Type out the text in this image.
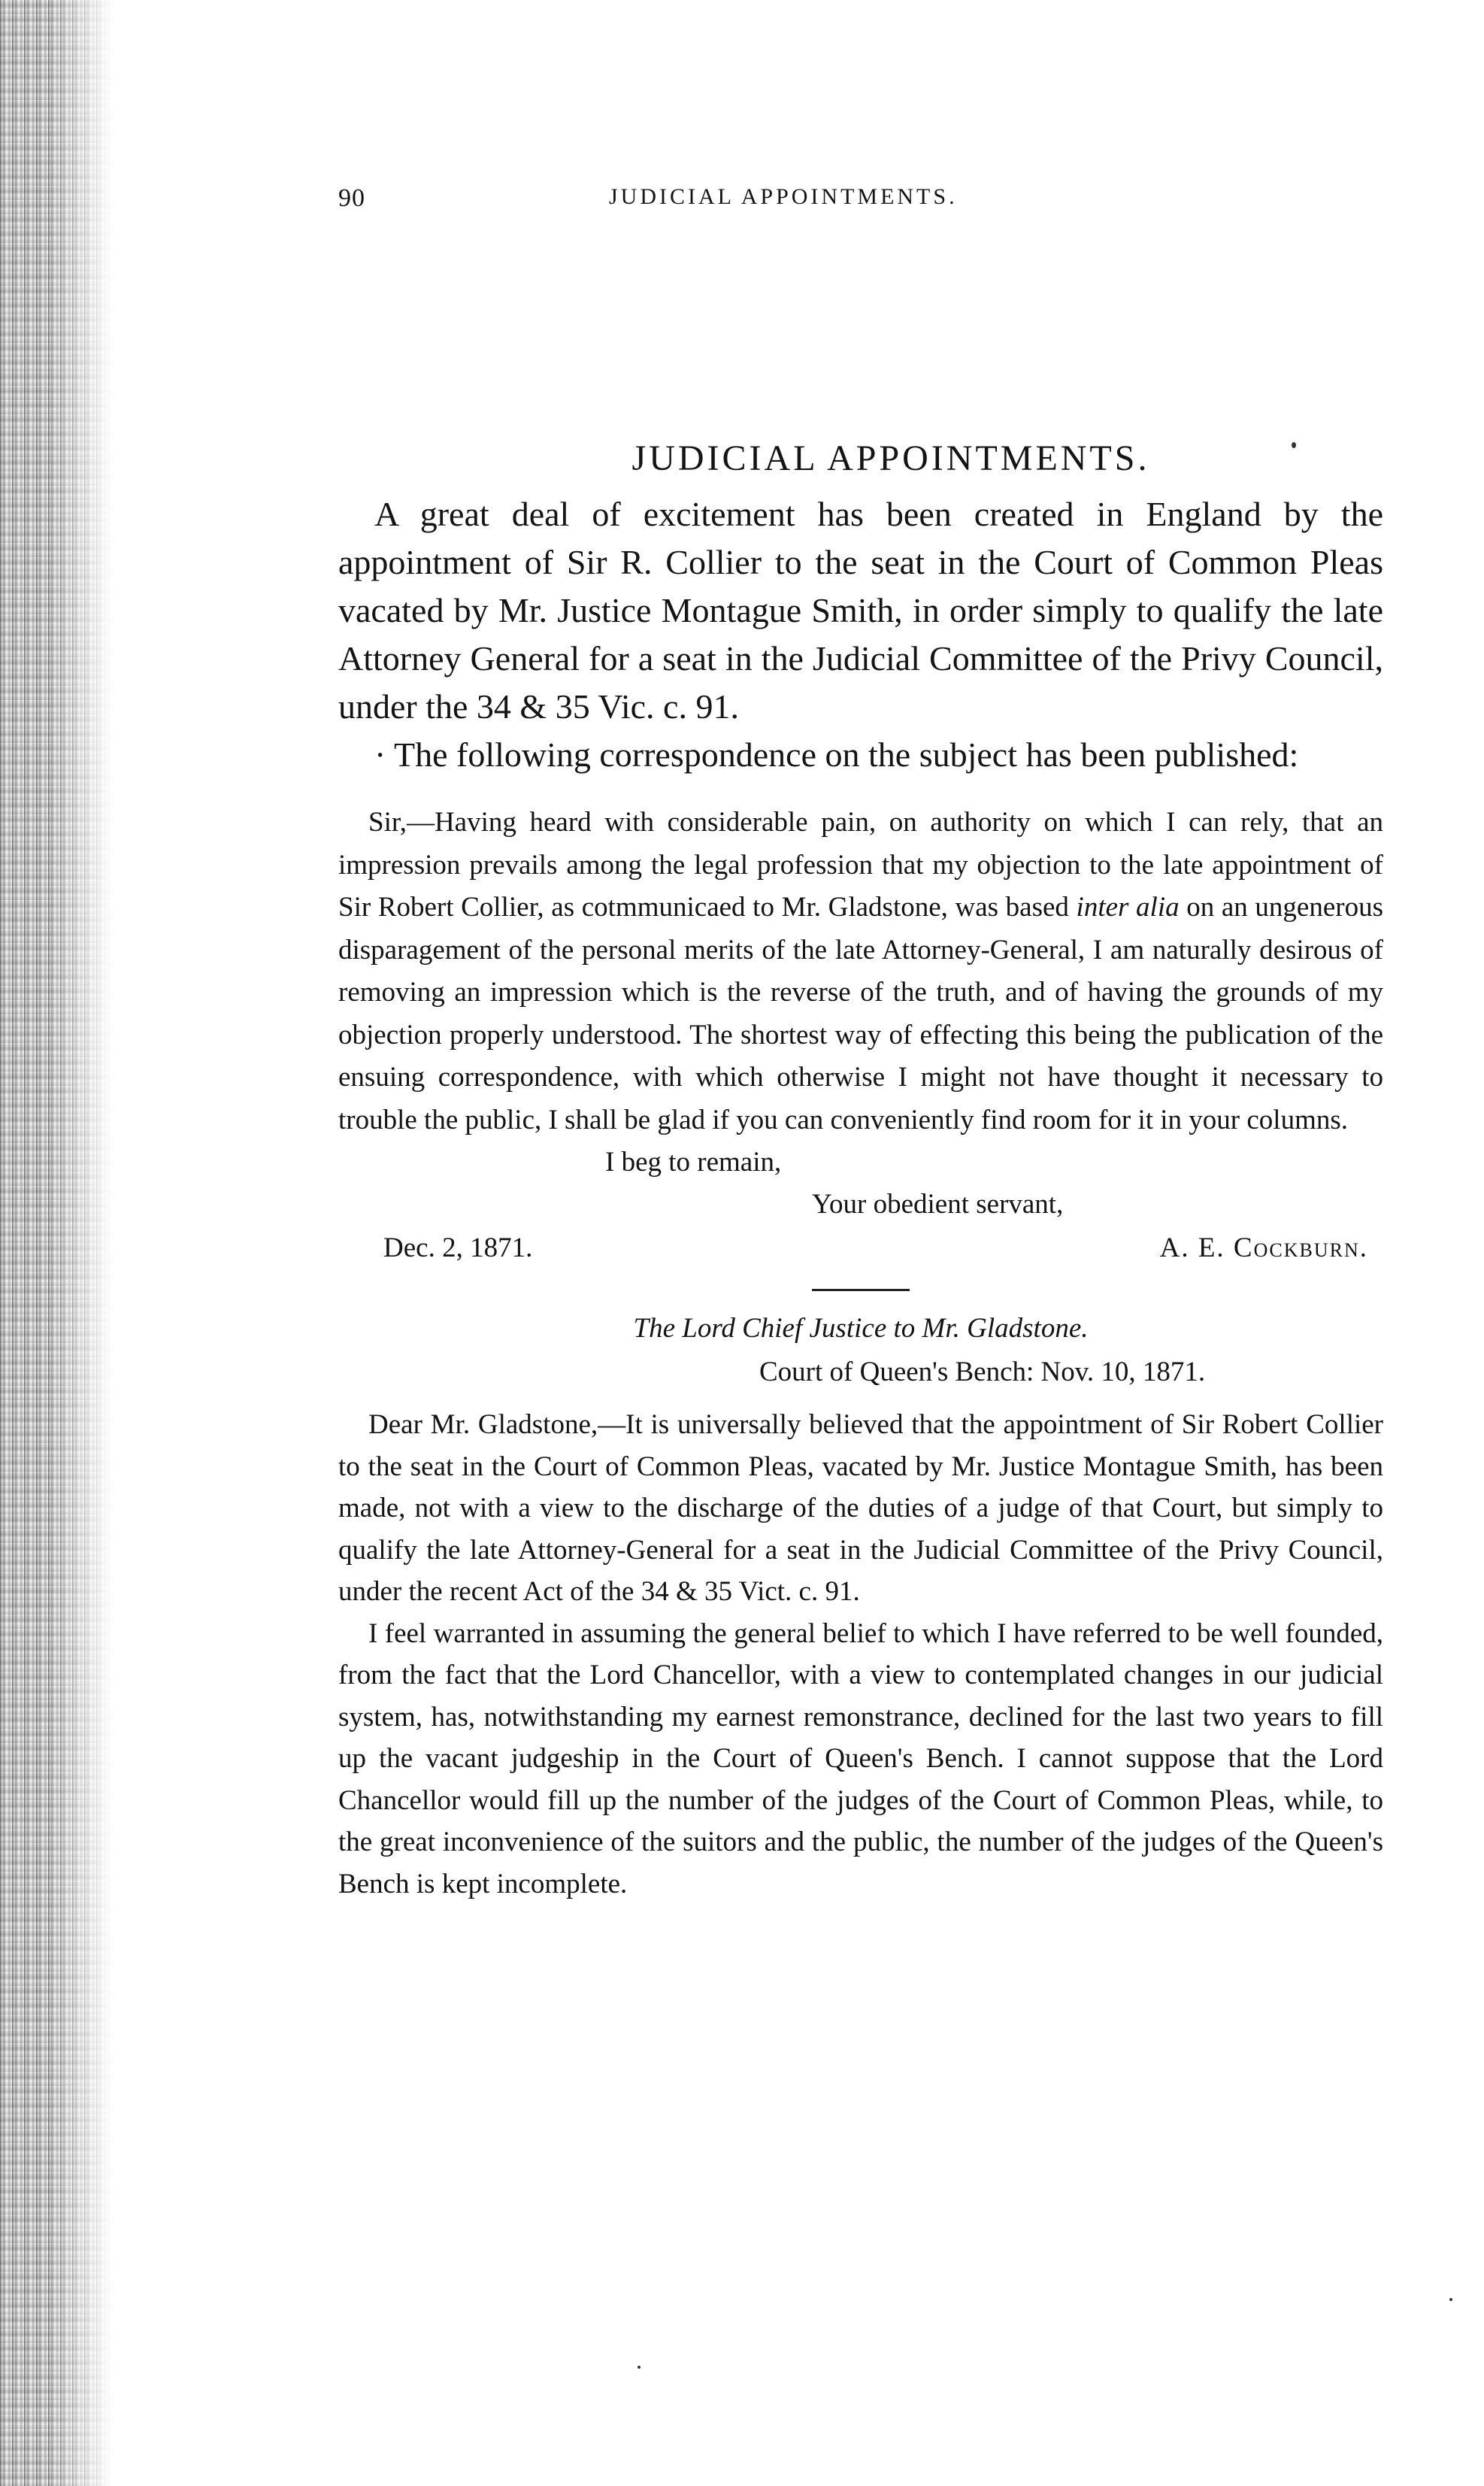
90	JUDICIAL APPOINTMENTS.
JUDICIAL APPOINTMENTS.

A great deal of excitement has been created in England by the appointment of Sir R. Collier to the seat in the Court of Common Pleas vacated by Mr. Justice Montague Smith, in order simply to qualify the late Attorney General for a seat in the Judicial Committee of the Privy Council, under the 34 & 35 Vic. c. 91.

· The following correspondence on the subject has been published:

Sir,—Having heard with considerable pain, on authority on which I can rely, that an impression prevails among the legal profession that my objection to the late appointment of Sir Robert Collier, as cotmmunicaed to Mr. Gladstone, was based inter alia on an ungenerous disparagement of the personal merits of the late Attorney-General, I am naturally desirous of removing an impression which is the reverse of the truth, and of having the grounds of my objection properly understood. The shortest way of effecting this being the publication of the ensuing correspondence, with which otherwise I might not have thought it necessary to trouble the public, I shall be glad if you can conveniently find room for it in your columns.

I beg to remain,
Your obedient servant,
Dec. 2, 1871.	A. E. Cockburn.

The Lord Chief Justice to Mr. Gladstone.

Court of Queen's Bench: Nov. 10, 1871.

Dear Mr. Gladstone,—It is universally believed that the appointment of Sir Robert Collier to the seat in the Court of Common Pleas, vacated by Mr. Justice Montague Smith, has been made, not with a view to the discharge of the duties of a judge of that Court, but simply to qualify the late Attorney-General for a seat in the Judicial Committee of the Privy Council, under the recent Act of the 34 & 35 Vict. c. 91.

I feel warranted in assuming the general belief to which I have referred to be well founded, from the fact that the Lord Chancellor, with a view to contemplated changes in our judicial system, has, notwithstanding my earnest remonstrance, declined for the last two years to fill up the vacant judgeship in the Court of Queen's Bench. I cannot suppose that the Lord Chancellor would fill up the number of the judges of the Court of Common Pleas, while, to the great inconvenience of the suitors and the public, the number of the judges of the Queen's Bench is kept incomplete.
